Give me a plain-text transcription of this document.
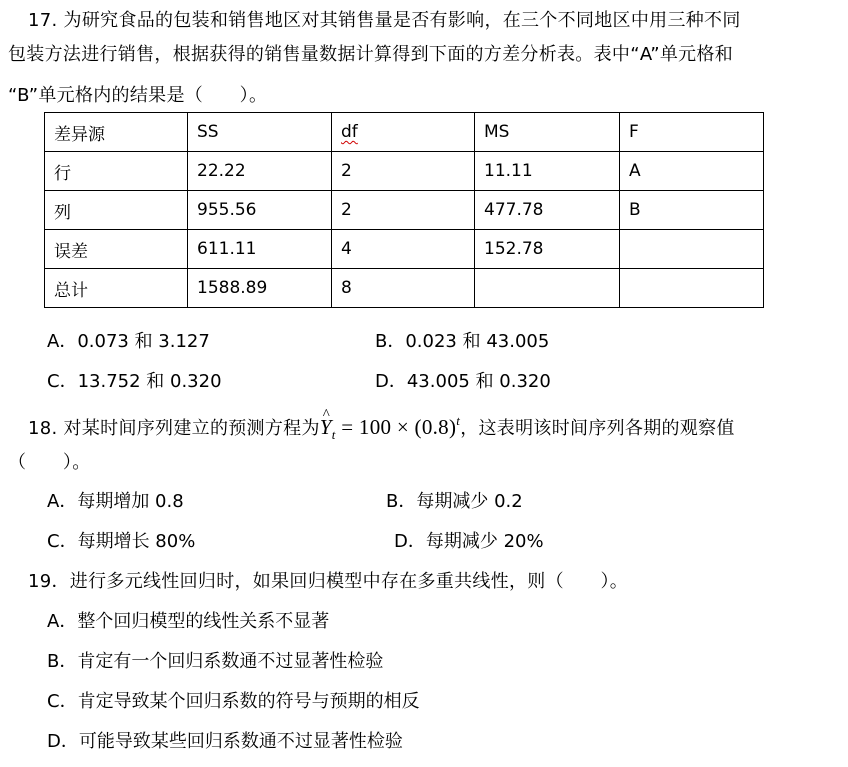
17. 为研究食品的包装和销售地区对其销售量是否有影响，在三个不同地区中用三种不同
包装方法进行销售，根据获得的销售量数据计算得到下面的方差分析表。表中“A”单元格和
“B”单元格内的结果是（　　）。
差异源	SS	df	MS	F
行	22.22	2	11.11	A
列	955.56	2	477.78	B
误差	611.11	4	152.78	
总计	1588.89	8		
A．0.073 和 3.127	B．0.023 和 43.005
C．13.752 和 0.320	D．43.005 和 0.320
18. 对某时间序列建立的预测方程为^ $Y_t = 100 \times (0.8)^t$，这表明该时间序列各期的观察值
（　　）。
A．每期增加 0.8	B．每期减少 0.2
C．每期增长 80%	D．每期减少 20%
19．进行多元线性回归时，如果回归模型中存在多重共线性，则（　　）。
A．整个回归模型的线性关系不显著
B．肯定有一个回归系数通不过显著性检验
C．肯定导致某个回归系数的符号与预期的相反
D．可能导致某些回归系数通不过显著性检验
